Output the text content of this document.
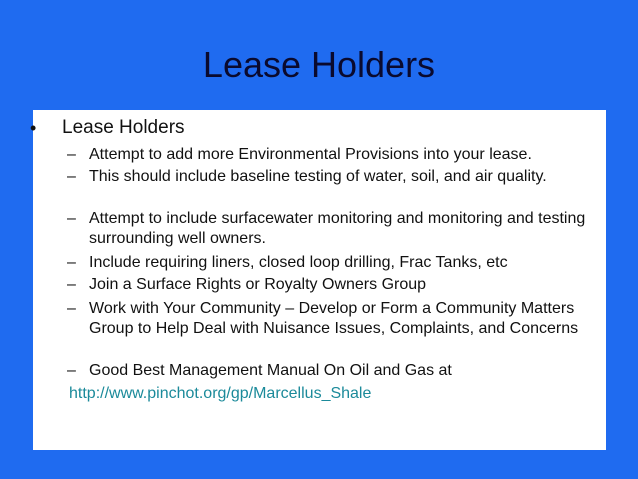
Lease Holders
• Lease Holders
– Attempt to add more Environmental Provisions into your lease.
– This should include baseline testing of water, soil, and air quality.
– Attempt to include surfacewater monitoring and monitoring and testing surrounding well owners.
– Include requiring liners, closed loop drilling, Frac Tanks, etc
– Join a Surface Rights or Royalty Owners Group
– Work with Your Community – Develop or Form a Community Matters Group to Help Deal with Nuisance Issues, Complaints, and Concerns
– Good Best Management Manual On Oil and Gas at
http://www.pinchot.org/gp/Marcellus_Shale
